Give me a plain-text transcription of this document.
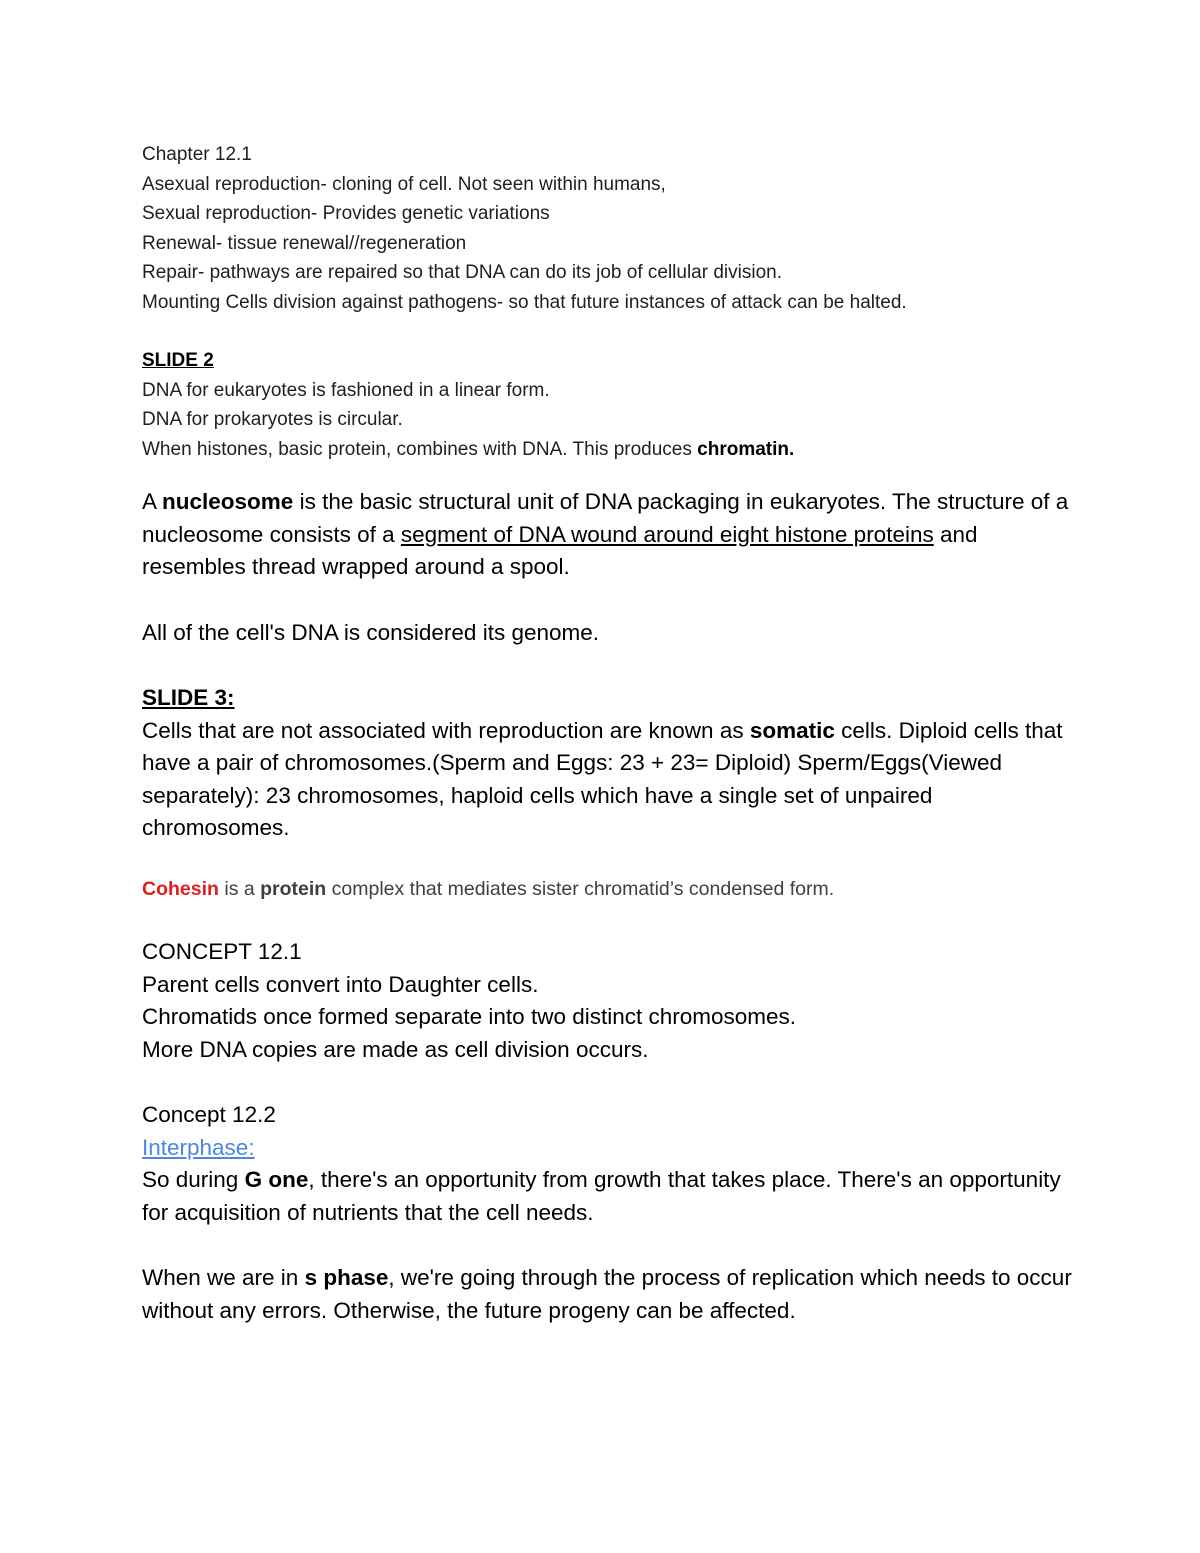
Chapter 12.1
Asexual reproduction- cloning of cell. Not seen within humans,
Sexual reproduction- Provides genetic variations
Renewal- tissue renewal//regeneration
Repair- pathways are repaired so that DNA can do its job of cellular division.
Mounting Cells division against pathogens- so that future instances of attack can be halted.
SLIDE 2
DNA for eukaryotes is fashioned in a linear form.
DNA for prokaryotes is circular.
When histones, basic protein, combines with DNA. This produces chromatin.
A nucleosome is the basic structural unit of DNA packaging in eukaryotes. The structure of a nucleosome consists of a segment of DNA wound around eight histone proteins and resembles thread wrapped around a spool.
All of the cell's DNA is considered its genome.
SLIDE 3:
Cells that are not associated with reproduction are known as somatic cells. Diploid cells that have a pair of chromosomes.(Sperm and Eggs: 23 + 23= Diploid) Sperm/Eggs(Viewed separately): 23 chromosomes, haploid cells which have a single set of unpaired chromosomes.
Cohesin is a protein complex that mediates sister chromatid’s condensed form.
CONCEPT 12.1
Parent cells convert into Daughter cells.
Chromatids once formed separate into two distinct chromosomes.
More DNA copies are made as cell division occurs.
Concept 12.2
Interphase:
So during G one, there's an opportunity from growth that takes place. There's an opportunity for acquisition of nutrients that the cell needs.
When we are in s phase, we're going through the process of replication which needs to occur without any errors. Otherwise, the future progeny can be affected.
